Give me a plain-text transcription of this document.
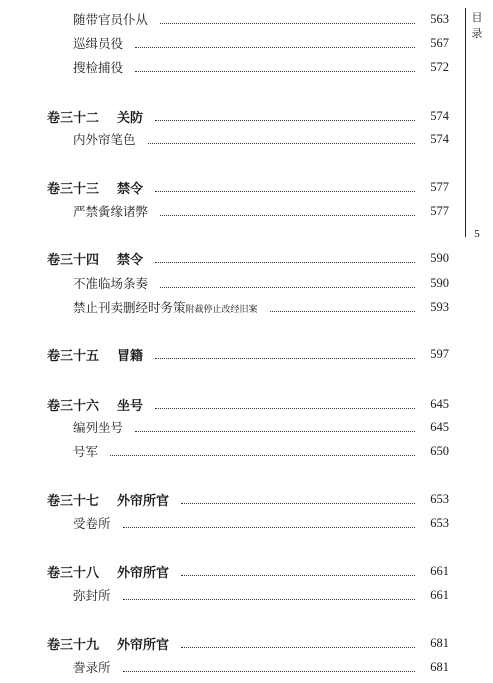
随带官员仆从	563
巡缉员役	567
搜检捕役	572
卷三十二 关防	574
内外帘笔色	574
卷三十三 禁令	577
严禁夤缘诸弊	577
卷三十四 禁令	590
不准临场条奏	590
禁止刊卖删经时务策附裁停止改经旧案	593
卷三十五 冒籍	597
卷三十六 坐号	645
编列坐号	645
号军	650
卷三十七 外帘所官	653
受卷所	653
卷三十八 外帘所官	661
弥封所	661
卷三十九 外帘所官	681
誊录所	681
目
录
5
